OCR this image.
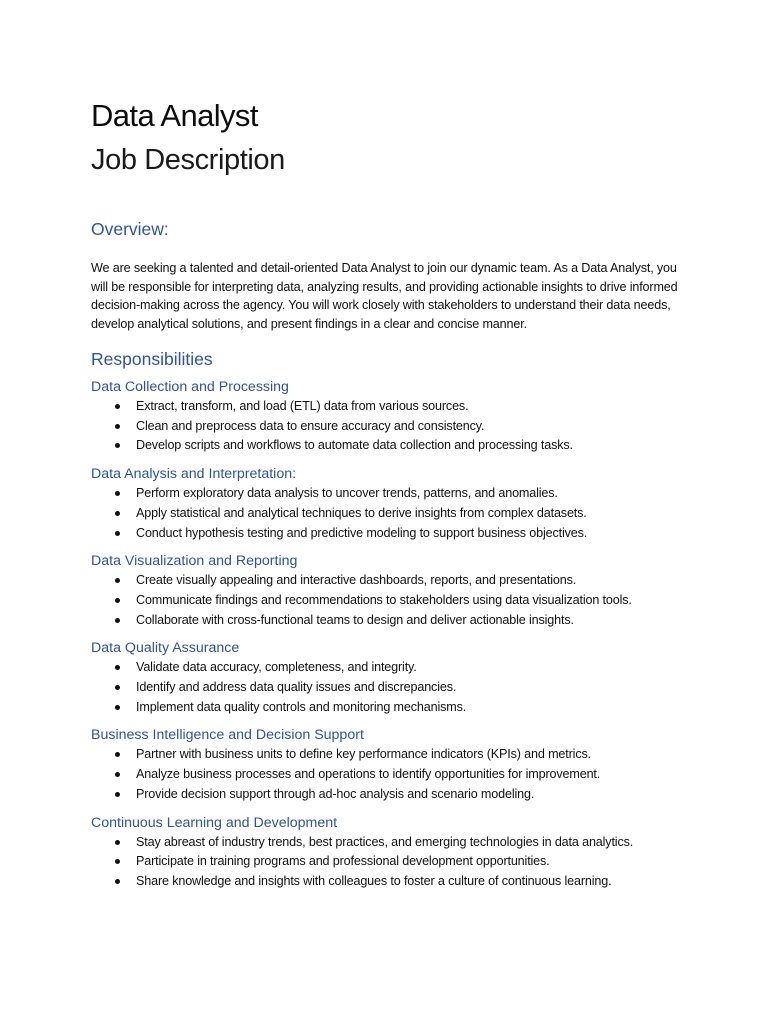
Data Analyst
Job Description
Overview:

We are seeking a talented and detail-oriented Data Analyst to join our dynamic team. As a Data Analyst, you will be responsible for interpreting data, analyzing results, and providing actionable insights to drive informed decision-making across the agency. You will work closely with stakeholders to understand their data needs, develop analytical solutions, and present findings in a clear and concise manner.

Responsibilities
Data Collection and Processing
Extract, transform, and load (ETL) data from various sources.
Clean and preprocess data to ensure accuracy and consistency.
Develop scripts and workflows to automate data collection and processing tasks.
Data Analysis and Interpretation:
Perform exploratory data analysis to uncover trends, patterns, and anomalies.
Apply statistical and analytical techniques to derive insights from complex datasets.
Conduct hypothesis testing and predictive modeling to support business objectives.
Data Visualization and Reporting
Create visually appealing and interactive dashboards, reports, and presentations.
Communicate findings and recommendations to stakeholders using data visualization tools.
Collaborate with cross-functional teams to design and deliver actionable insights.
Data Quality Assurance
Validate data accuracy, completeness, and integrity.
Identify and address data quality issues and discrepancies.
Implement data quality controls and monitoring mechanisms.
Business Intelligence and Decision Support
Partner with business units to define key performance indicators (KPIs) and metrics.
Analyze business processes and operations to identify opportunities for improvement.
Provide decision support through ad-hoc analysis and scenario modeling.
Continuous Learning and Development
Stay abreast of industry trends, best practices, and emerging technologies in data analytics.
Participate in training programs and professional development opportunities.
Share knowledge and insights with colleagues to foster a culture of continuous learning.
